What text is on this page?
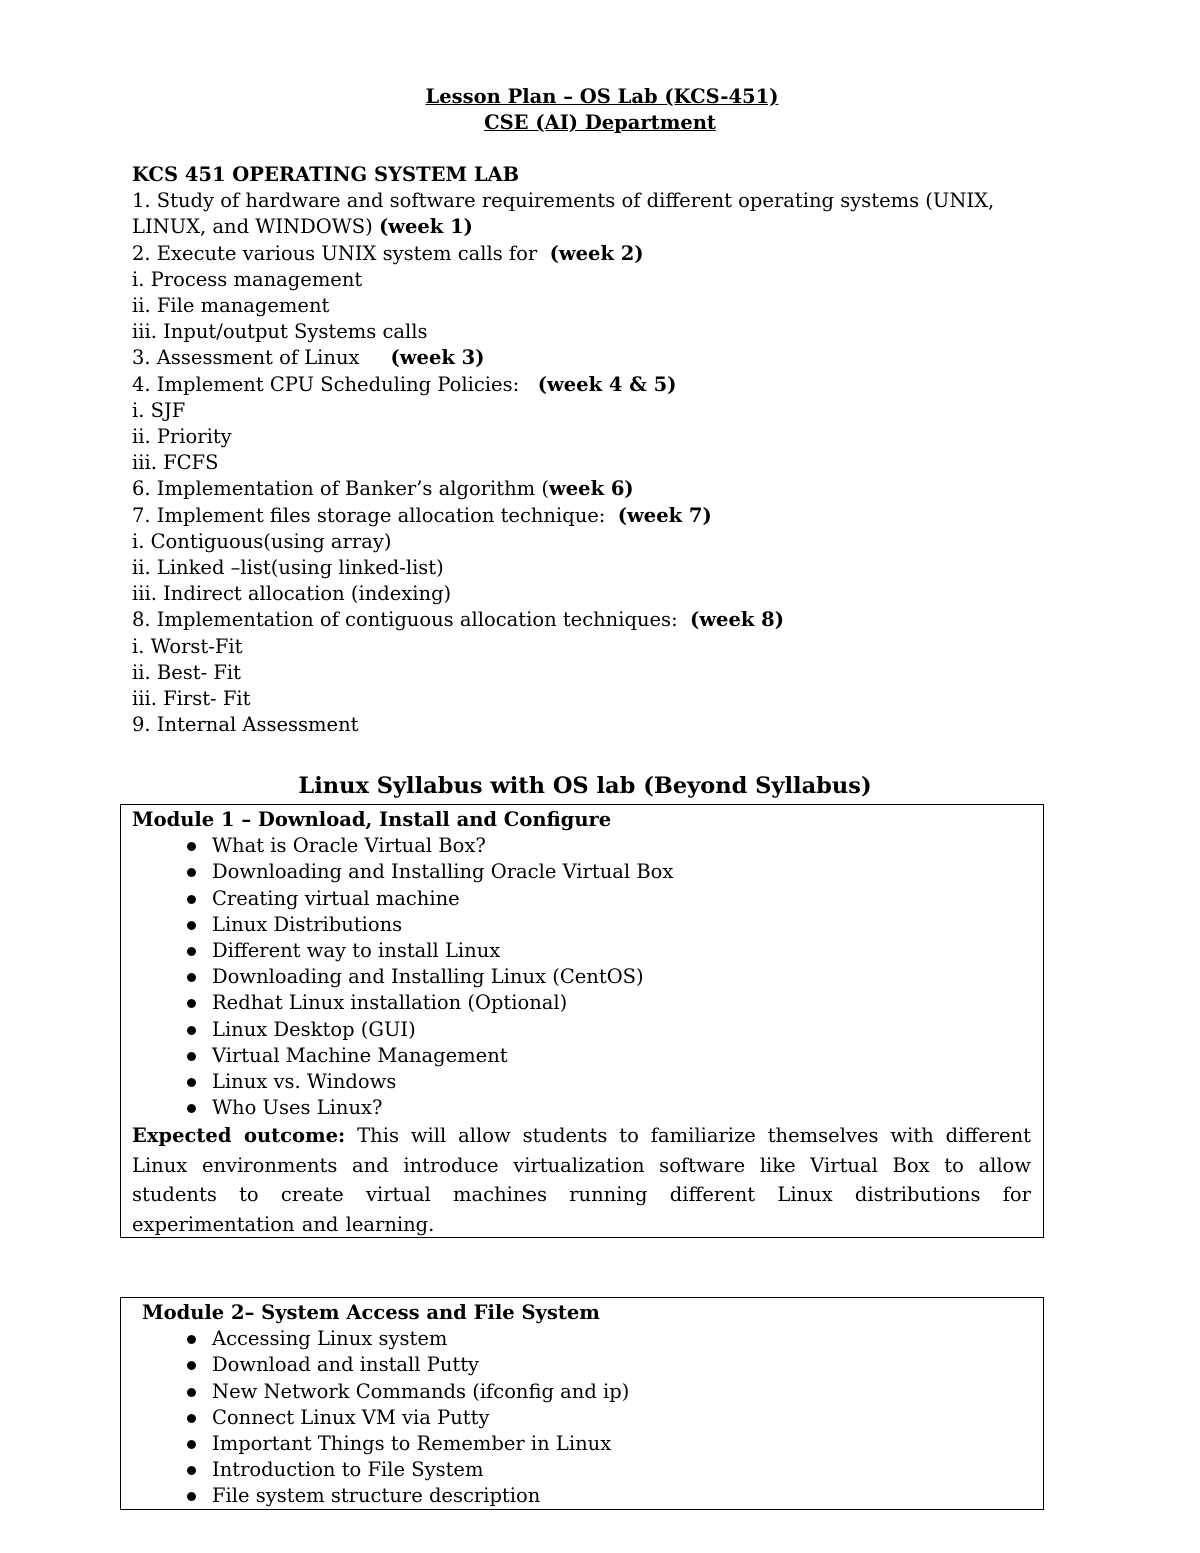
Lesson Plan – OS Lab (KCS-451)
CSE (AI) Department
KCS 451 OPERATING SYSTEM LAB
1. Study of hardware and software requirements of different operating systems (UNIX, LINUX, and WINDOWS) (week 1)
2. Execute various UNIX system calls for  (week 2)
i. Process management
ii. File management
iii. Input/output Systems calls
3. Assessment of Linux     (week 3)
4. Implement CPU Scheduling Policies:   (week 4 & 5)
i. SJF
ii. Priority
iii. FCFS
6. Implementation of Banker’s algorithm (week 6)
7. Implement files storage allocation technique:  (week 7)
i. Contiguous(using array)
ii. Linked –list(using linked-list)
iii. Indirect allocation (indexing)
8. Implementation of contiguous allocation techniques:  (week 8)
i. Worst-Fit
ii. Best- Fit
iii. First- Fit
9. Internal Assessment
Linux Syllabus with OS lab (Beyond Syllabus)
Module 1 – Download, Install and Configure
What is Oracle Virtual Box?
Downloading and Installing Oracle Virtual Box
Creating virtual machine
Linux Distributions
Different way to install Linux
Downloading and Installing Linux (CentOS)
Redhat Linux installation (Optional)
Linux Desktop (GUI)
Virtual Machine Management
Linux vs. Windows
Who Uses Linux?
Expected outcome: This will allow students to familiarize themselves with different Linux environments and introduce virtualization software like Virtual Box to allow students to create virtual machines running different Linux distributions for experimentation and learning.
Module 2– System Access and File System
Accessing Linux system
Download and install Putty
New Network Commands (ifconfig and ip)
Connect Linux VM via Putty
Important Things to Remember in Linux
Introduction to File System
File system structure description
